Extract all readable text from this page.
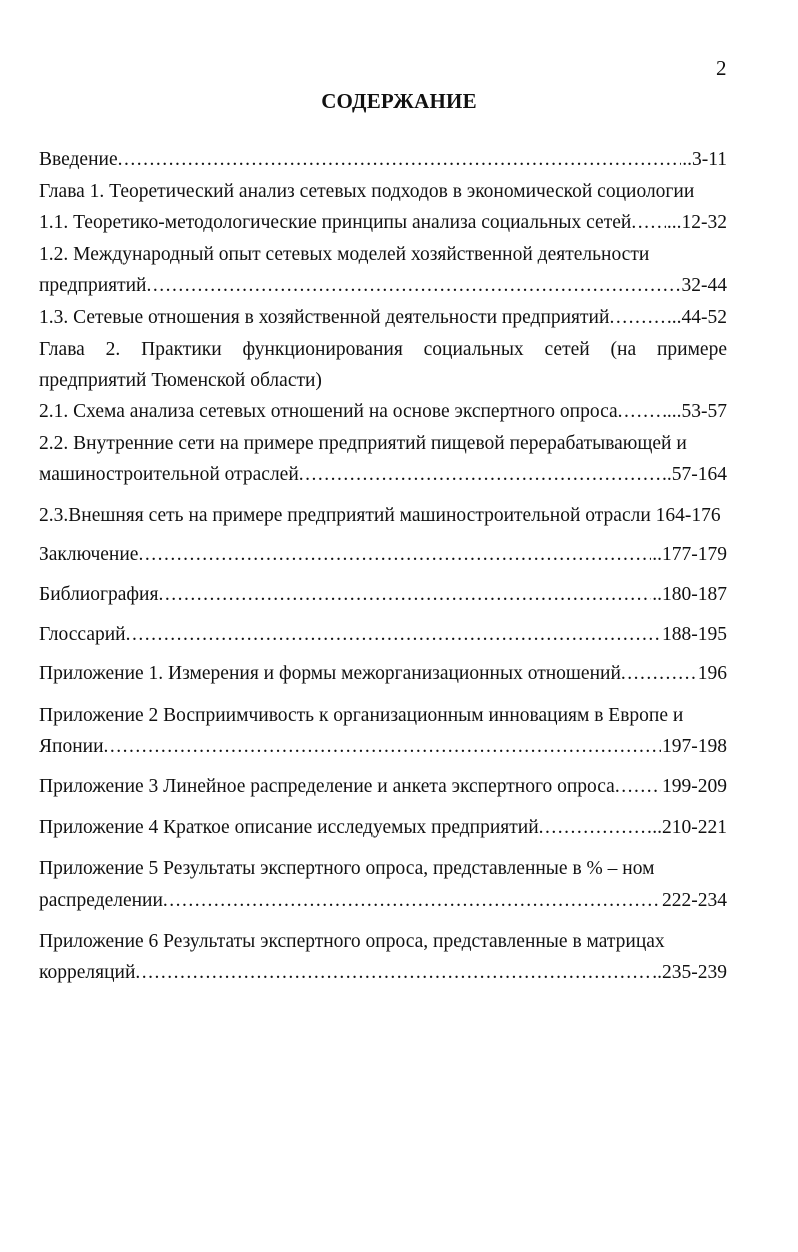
2
СОДЕРЖАНИЕ
Введение .....	..3-11
Глава 1. Теоретический анализ сетевых подходов в экономической социологии
1.1. Теоретико-методологические принципы анализа социальных сетей ..... ...12-32
1.2. Международный опыт сетевых моделей хозяйственной деятельности
предприятий .....	32-44
1.3. Сетевые отношения в хозяйственной деятельности предприятий .....	..44-52
Глава 2. Практики функционирования социальных сетей (на примере
предприятий Тюменской области)
2.1. Схема анализа сетевых отношений на основе экспертного опроса .....	...53-57
2.2. Внутренние сети на примере предприятий пищевой перерабатывающей и
машиностроительной отраслей .....	..57-164
2.3.Внешняя сеть на примере предприятий машиностроительной отрасли 164-176
Заключение .....	..177-179
Библиография .....	..180-187
Глоссарий .....	188-195
Приложение 1. Измерения и формы межорганизационных отношений .....	196
Приложение 2 Восприимчивость к организационным инновациям в Европе и
Японии .....	197-198
Приложение 3 Линейное распределение и анкета экспертного опроса ..... 199-209
Приложение 4 Краткое описание исследуемых предприятий .....	..210-221
Приложение 5 Результаты экспертного опроса, представленные в % – ном
распределении .....	222-234
Приложение 6 Результаты экспертного опроса, представленные в матрицах
корреляций .....	..235-239
